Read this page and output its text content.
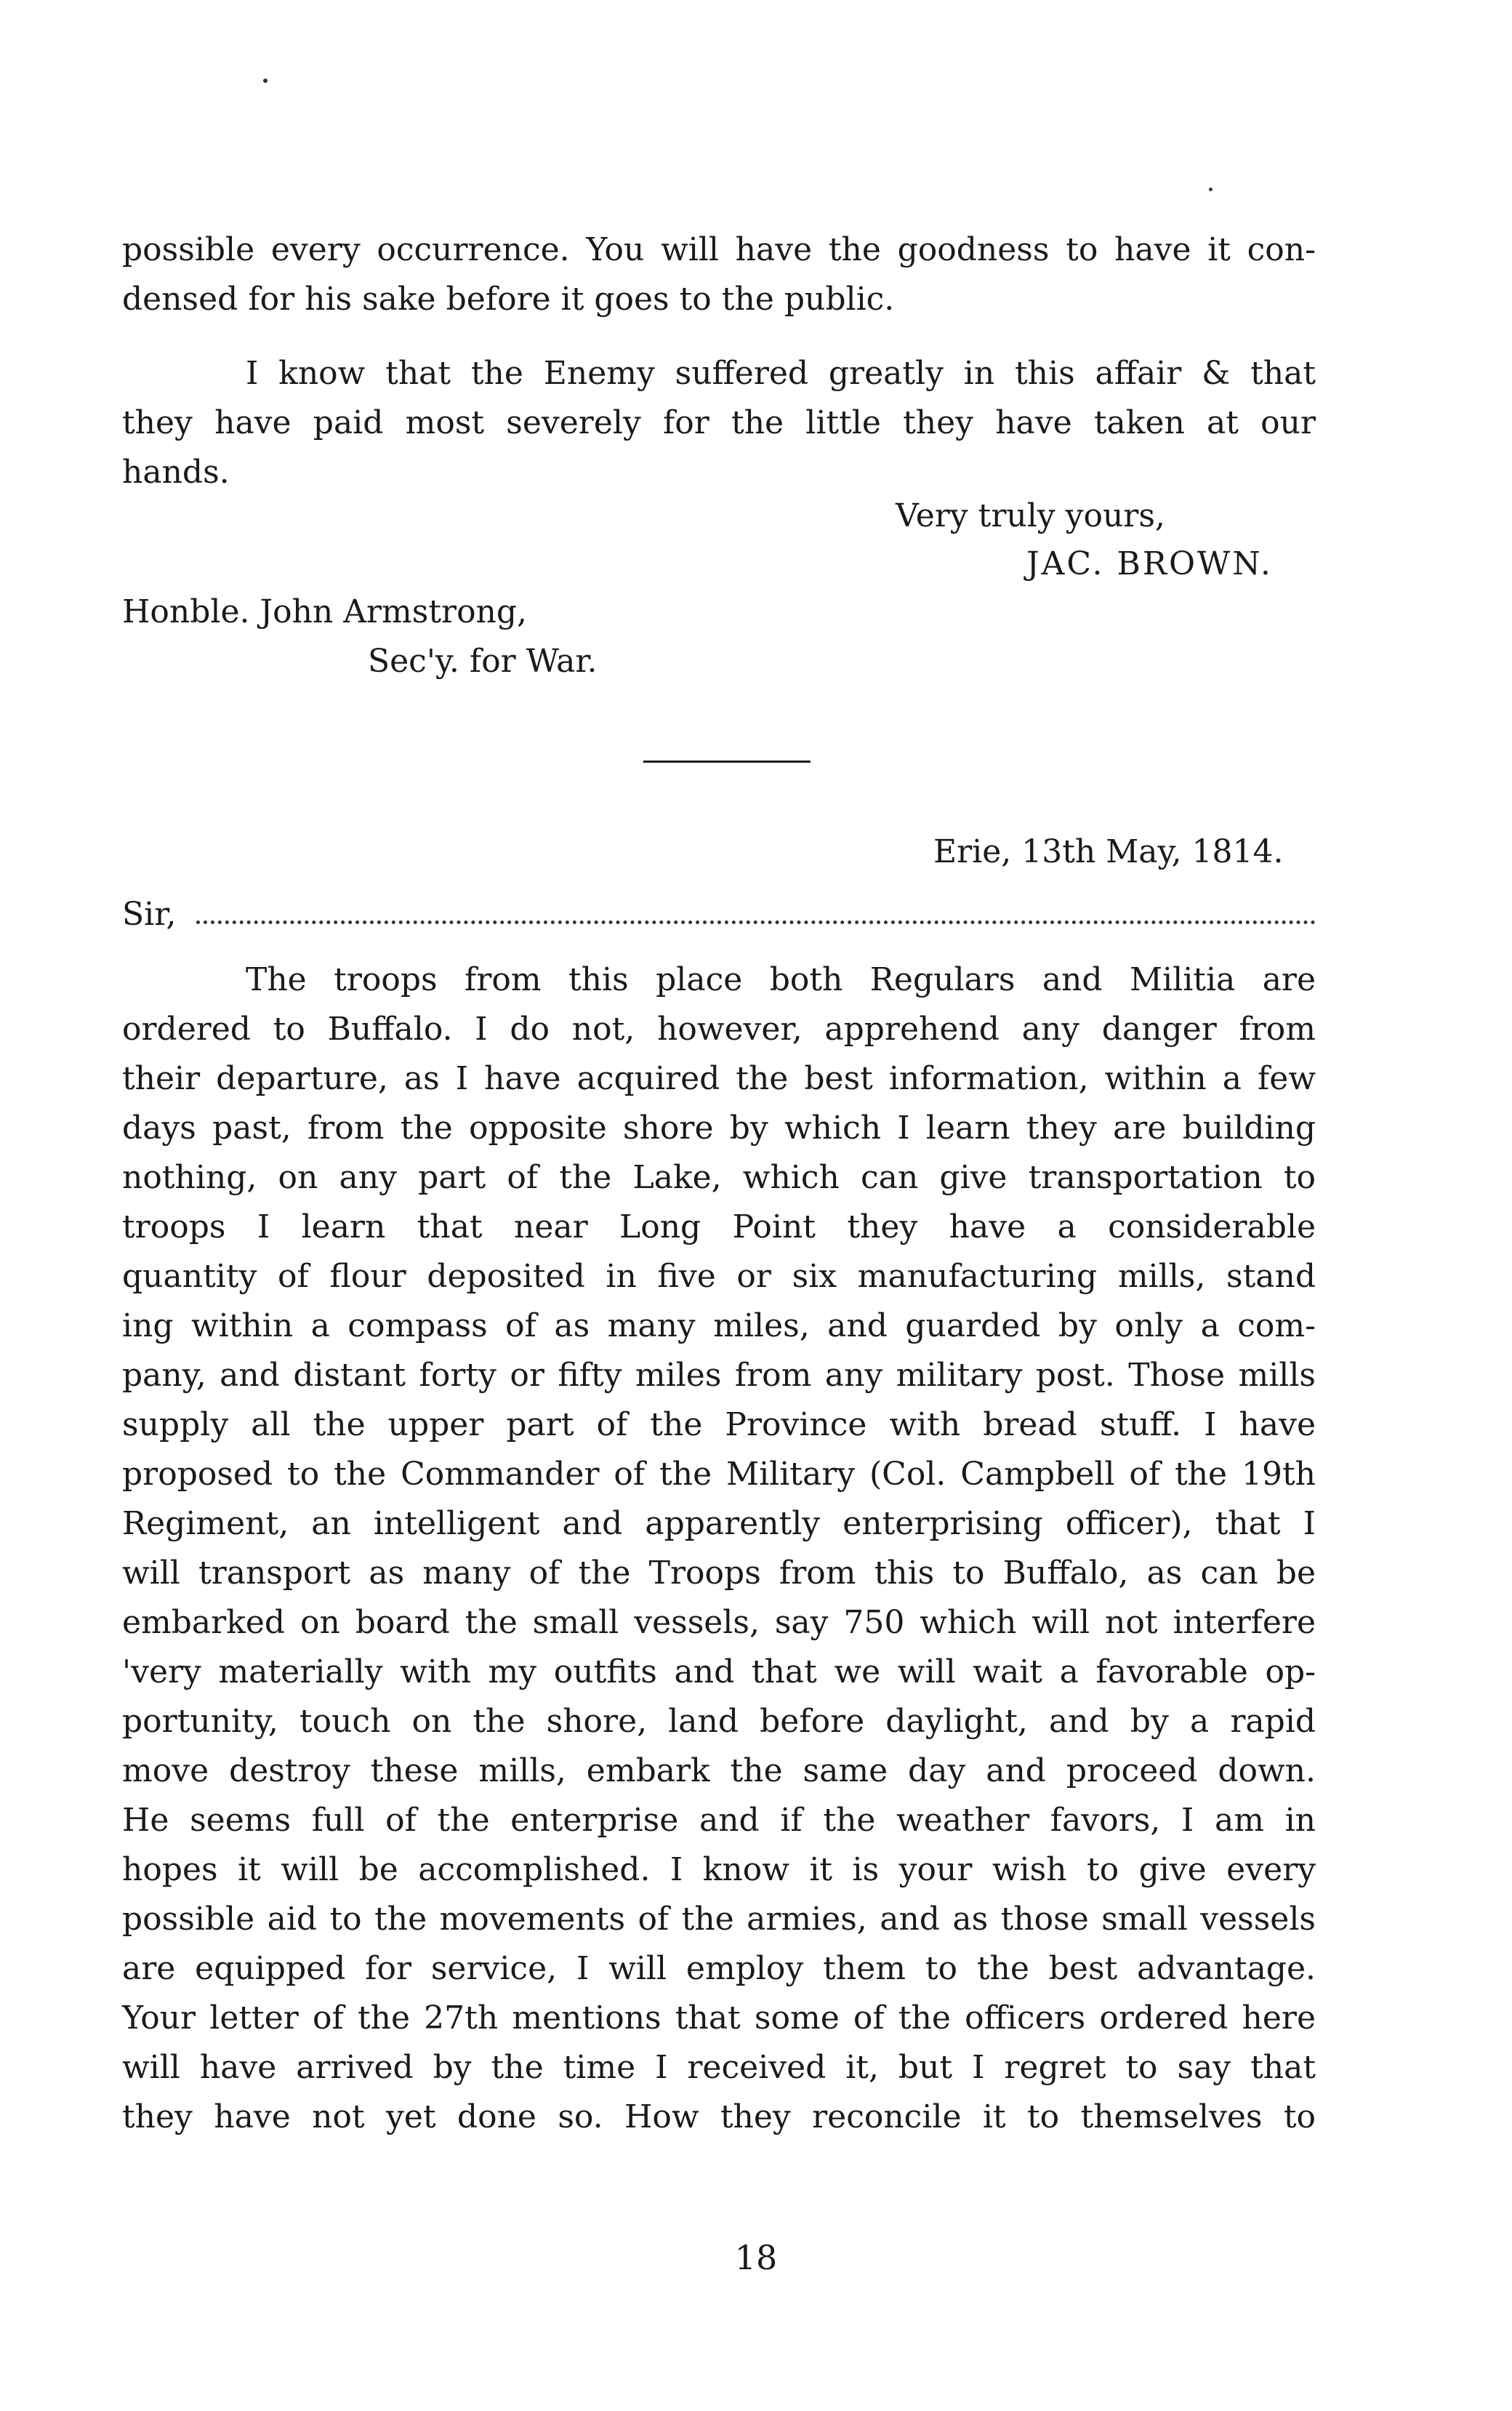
possible every occurrence. You will have the goodness to have it con-
densed for his sake before it goes to the public.
I know that the Enemy suffered greatly in this affair & that
they have paid most severely for the little they have taken at our
hands.
Very truly yours,
JAC. BROWN.
Honble. John Armstrong,
Sec'y. for War.
Erie, 13th May, 1814.
Sir,
The troops from this place both Regulars and Militia are
ordered to Buffalo. I do not, however, apprehend any danger from
their departure, as I have acquired the best information, within a few
days past, from the opposite shore by which I learn they are building
nothing, on any part of the Lake, which can give transportation to
troops I learn that near Long Point they have a considerable
quantity of flour deposited in five or six manufacturing mills, stand
ing within a compass of as many miles, and guarded by only a com-
pany, and distant forty or fifty miles from any military post. Those mills
supply all the upper part of the Province with bread stuff. I have
proposed to the Commander of the Military (Col. Campbell of the 19th
Regiment, an intelligent and apparently enterprising officer), that I
will transport as many of the Troops from this to Buffalo, as can be
embarked on board the small vessels, say 750 which will not interfere
'very materially with my outfits and that we will wait a favorable op-
portunity, touch on the shore, land before daylight, and by a rapid
move destroy these mills, embark the same day and proceed down.
He seems full of the enterprise and if the weather favors, I am in
hopes it will be accomplished. I know it is your wish to give every
possible aid to the movements of the armies, and as those small vessels
are equipped for service, I will employ them to the best advantage.
Your letter of the 27th mentions that some of the officers ordered here
will have arrived by the time I received it, but I regret to say that
they have not yet done so. How they reconcile it to themselves to
18
